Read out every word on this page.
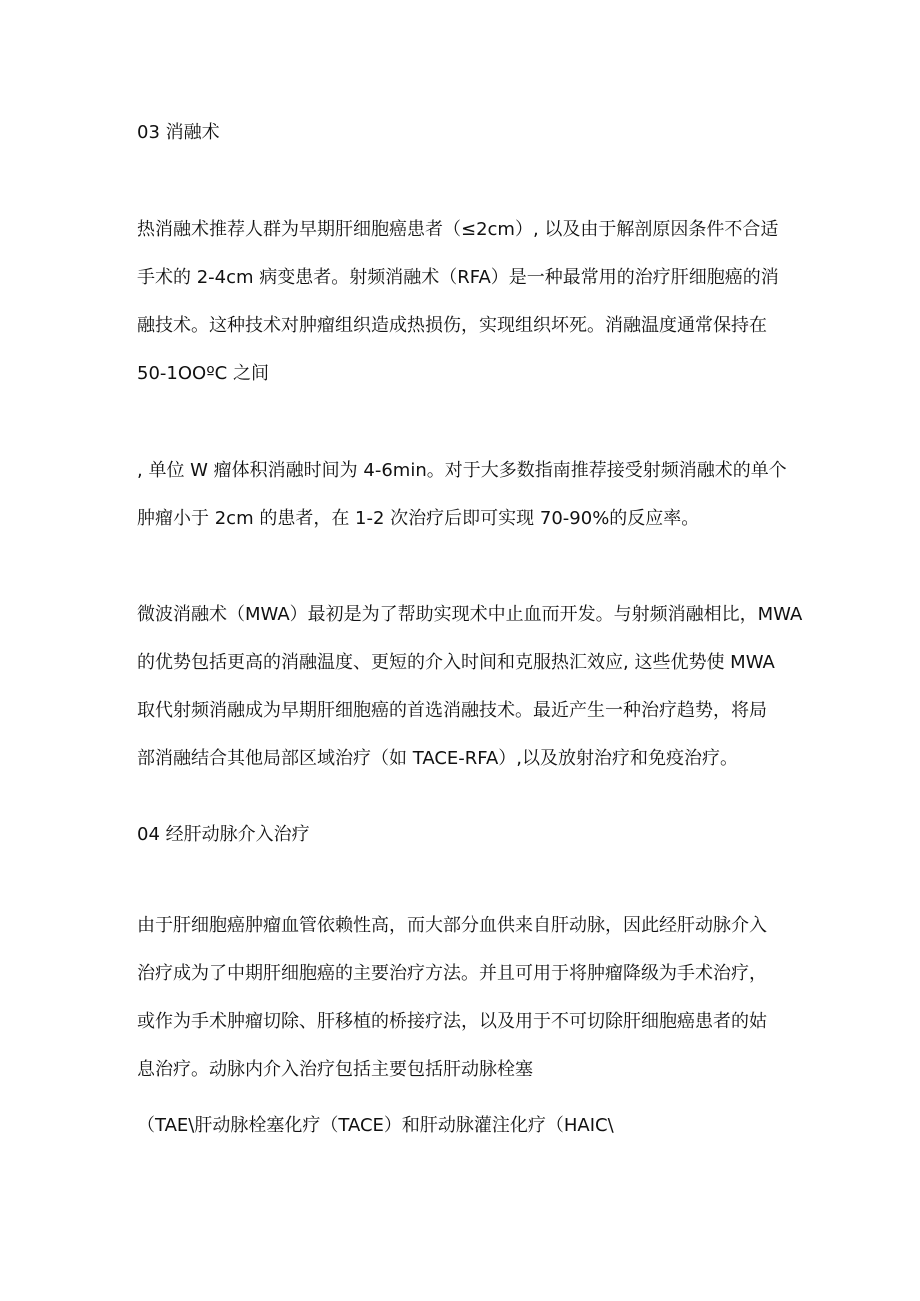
03 消融术
热消融术推荐人群为早期肝细胞癌患者（≤2cm）, 以及由于解剖原因条件不合适
手术的 2-4cm 病变患者。射频消融术（RFA）是一种最常用的治疗肝细胞癌的消
融技术。这种技术对肿瘤组织造成热损伤，实现组织坏死。消融温度通常保持在
50-1OOºC 之间
, 单位 W 瘤体积消融时间为 4-6min。对于大多数指南推荐接受射频消融术的单个
肿瘤小于 2cm 的患者，在 1-2 次治疗后即可实现 70-90%的反应率。
微波消融术（MWA）最初是为了帮助实现术中止血而开发。与射频消融相比，MWA
的优势包括更高的消融温度、更短的介入时间和克服热汇效应, 这些优势使 MWA
取代射频消融成为早期肝细胞癌的首选消融技术。最近产生一种治疗趋势，将局
部消融结合其他局部区域治疗（如 TACE-RFA）,以及放射治疗和免疫治疗。
04 经肝动脉介入治疗
由于肝细胞癌肿瘤血管依赖性高，而大部分血供来自肝动脉，因此经肝动脉介入
治疗成为了中期肝细胞癌的主要治疗方法。并且可用于将肿瘤降级为手术治疗，
或作为手术肿瘤切除、肝移植的桥接疗法，以及用于不可切除肝细胞癌患者的姑
息治疗。动脉内介入治疗包括主要包括肝动脉栓塞
（TAE\肝动脉栓塞化疗（TACE）和肝动脉灌注化疗（HAIC\
